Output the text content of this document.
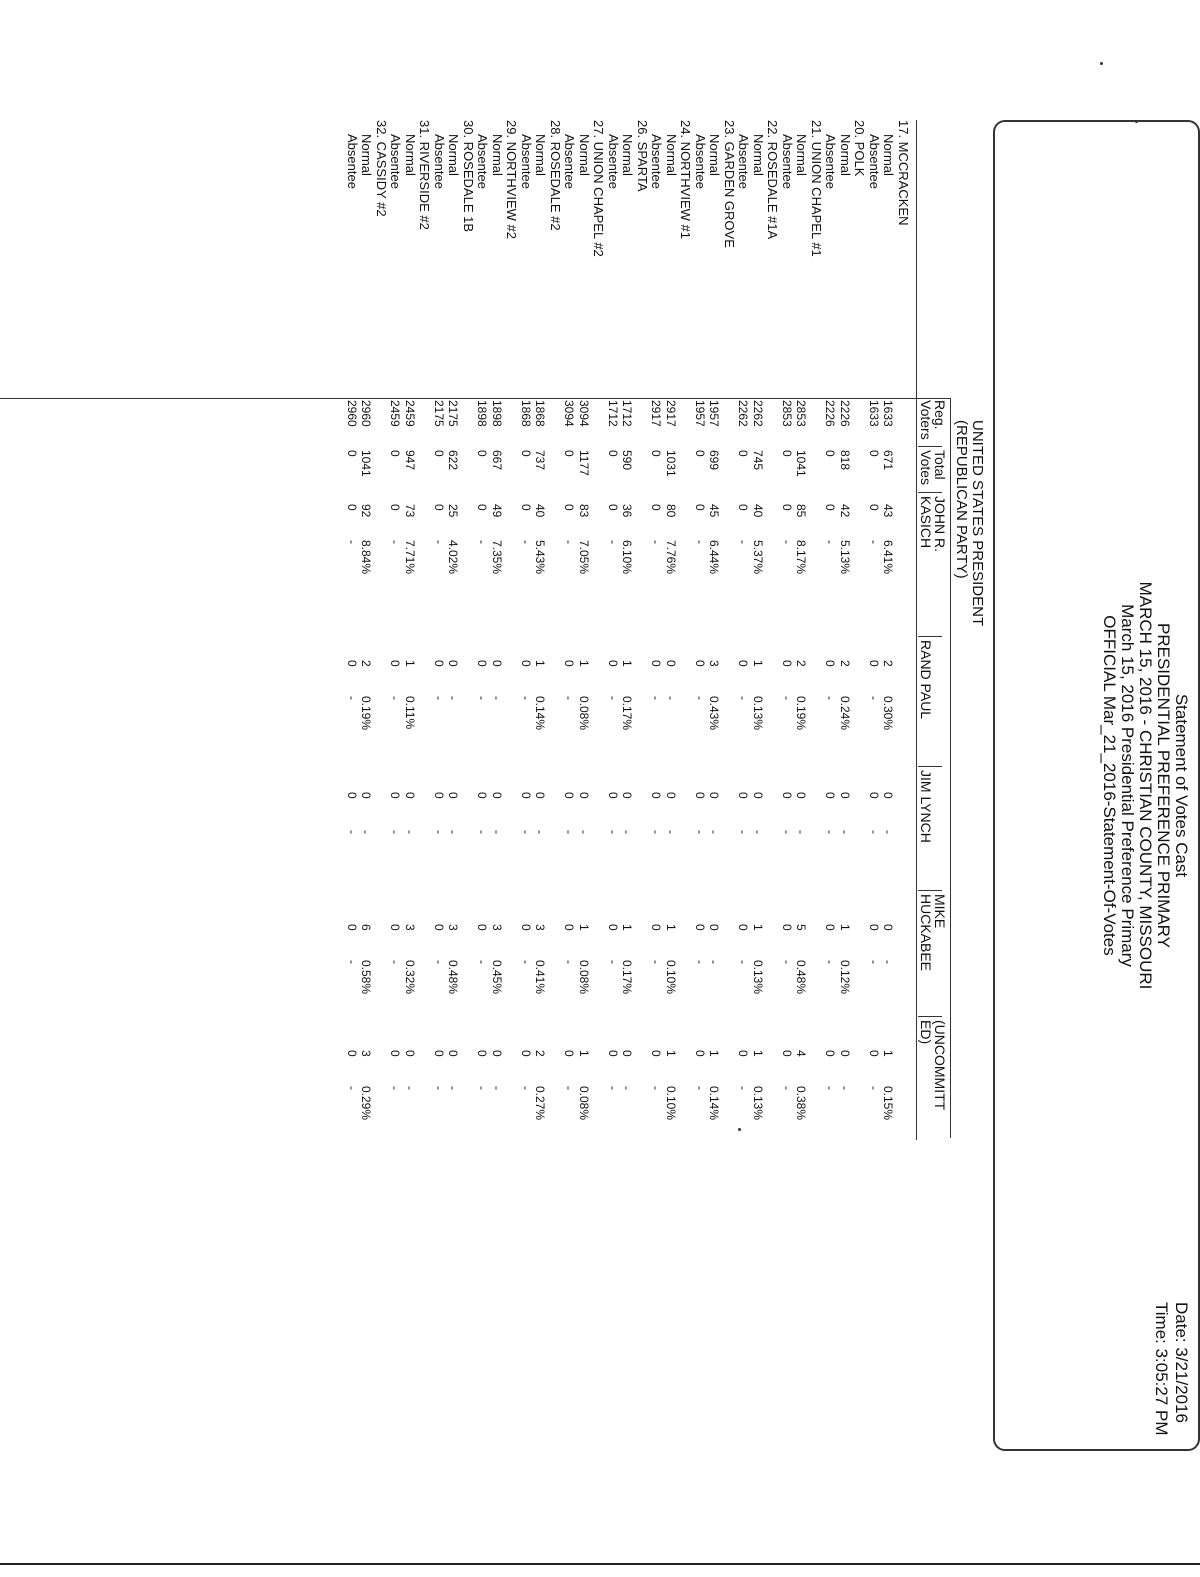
Statement of Votes Cast
PRESIDENTIAL PREFERENCE PRIMARY
MARCH 15, 2016 - CHRISTIAN COUNTY, MISSOURI
March 15, 2016 Presidential Preference Primary
OFFICIAL Mar_21_2016-Statement-Of-Votes
Date: 3/21/2016
Time: 3:05:27 PM
UNITED STATES PRESIDENT
(REPUBLICAN PARTY)
Reg.
Voters
Total
Votes
JOHN R.
KASICH
RAND PAUL
JIM LYNCH
MIKE
HUCKABEE
(UNCOMMITT
ED)
17. MCCRACKEN
Normal
1633
671
43
6.41%
2
0.30%
0
-
0
-
1
0.15%
Absentee
1633
0
0
-
0
-
0
-
0
-
0
-
20. POLK
Normal
2226
818
42
5.13%
2
0.24%
0
-
1
0.12%
0
-
Absentee
2226
0
0
-
0
-
0
-
0
-
0
-
21. UNION CHAPEL #1
Normal
2853
1041
85
8.17%
2
0.19%
0
-
5
0.48%
4
0.38%
Absentee
2853
0
0
-
0
-
0
-
0
-
0
-
22. ROSEDALE #1A
Normal
2262
745
40
5.37%
1
0.13%
0
-
1
0.13%
1
0.13%
Absentee
2262
0
0
-
0
-
0
-
0
-
0
-
23. GARDEN GROVE
Normal
1957
699
45
6.44%
3
0.43%
0
-
0
-
1
0.14%
Absentee
1957
0
0
-
0
-
0
-
0
-
0
-
24. NORTHVIEW #1
Normal
2917
1031
80
7.76%
0
-
0
-
1
0.10%
1
0.10%
Absentee
2917
0
0
-
0
-
0
-
0
-
0
-
26. SPARTA
Normal
1712
590
36
6.10%
1
0.17%
0
-
1
0.17%
0
-
Absentee
1712
0
0
-
0
-
0
-
0
-
0
-
27. UNION CHAPEL #2
Normal
3094
1177
83
7.05%
1
0.08%
0
-
1
0.08%
1
0.08%
Absentee
3094
0
0
-
0
-
0
-
0
-
0
-
28. ROSEDALE #2
Normal
1868
737
40
5.43%
1
0.14%
0
-
3
0.41%
2
0.27%
Absentee
1868
0
0
-
0
-
0
-
0
-
0
-
29. NORTHVIEW #2
Normal
1898
667
49
7.35%
0
-
0
-
3
0.45%
0
-
Absentee
1898
0
0
-
0
-
0
-
0
-
0
-
30. ROSEDALE 1B
Normal
2175
622
25
4.02%
0
-
0
-
3
0.48%
0
-
Absentee
2175
0
0
-
0
-
0
-
0
-
0
-
31. RIVERSIDE #2
Normal
2459
947
73
7.71%
1
0.11%
0
-
3
0.32%
0
-
Absentee
2459
0
0
-
0
-
0
-
0
-
0
-
32. CASSIDY #2
Normal
2960
1041
92
8.84%
2
0.19%
0
-
6
0.58%
3
0.29%
Absentee
2960
0
0
-
0
-
0
-
0
-
0
-
